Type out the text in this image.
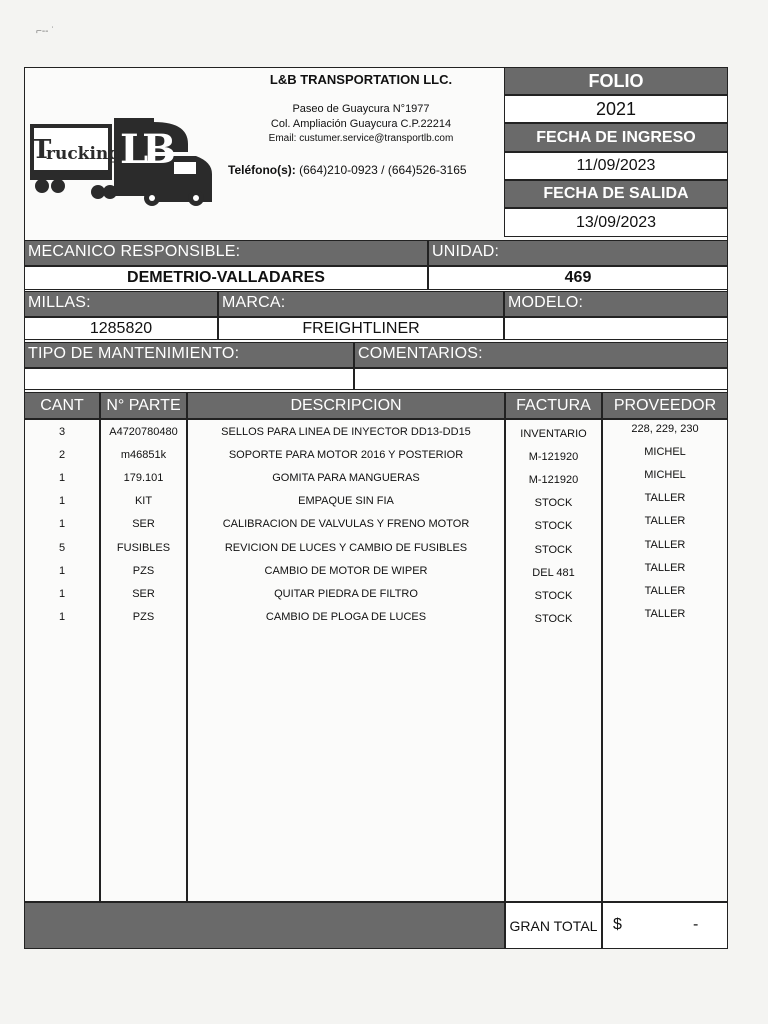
⌐‐‐ ˙
T
rucking LB
L&B TRANSPORTATION LLC.
Paseo de Guaycura N°1977
Col. Ampliación Guaycura C.P.22214
Email: custumer.service@transportlb.com
Teléfono(s): (664)210-0923 / (664)526-3165
FOLIO
2021
FECHA DE INGRESO
11/09/2023
FECHA DE SALIDA
13/09/2023
MECANICO RESPONSIBLE:	UNIDAD:
DEMETRIO-VALLADARES	469
MILLAS:	MARCA:	MODELO:
1285820	FREIGHTLINER
TIPO DE MANTENIMIENTO:	COMENTARIOS:
CANT	N° PARTE	DESCRIPCION	FACTURA	PROVEEDOR
3	A4720780480	SELLOS PARA LINEA DE INYECTOR DD13-DD15	INVENTARIO	228, 229, 230
2	m46851k	SOPORTE PARA MOTOR 2016 Y POSTERIOR	M-121920	MICHEL
1	179.101	GOMITA PARA MANGUERAS	M-121920	MICHEL
1	KIT	EMPAQUE SIN FIA	STOCK	TALLER
1	SER	CALIBRACION DE VALVULAS Y FRENO MOTOR	STOCK	TALLER
5	FUSIBLES	REVICION DE LUCES Y CAMBIO DE FUSIBLES	STOCK	TALLER
1	PZS	CAMBIO DE MOTOR DE WIPER	DEL 481	TALLER
1	SER	QUITAR PIEDRA DE FILTRO	STOCK	TALLER
1	PZS	CAMBIO DE PLOGA DE LUCES	STOCK	TALLER
GRAN TOTAL $	-
